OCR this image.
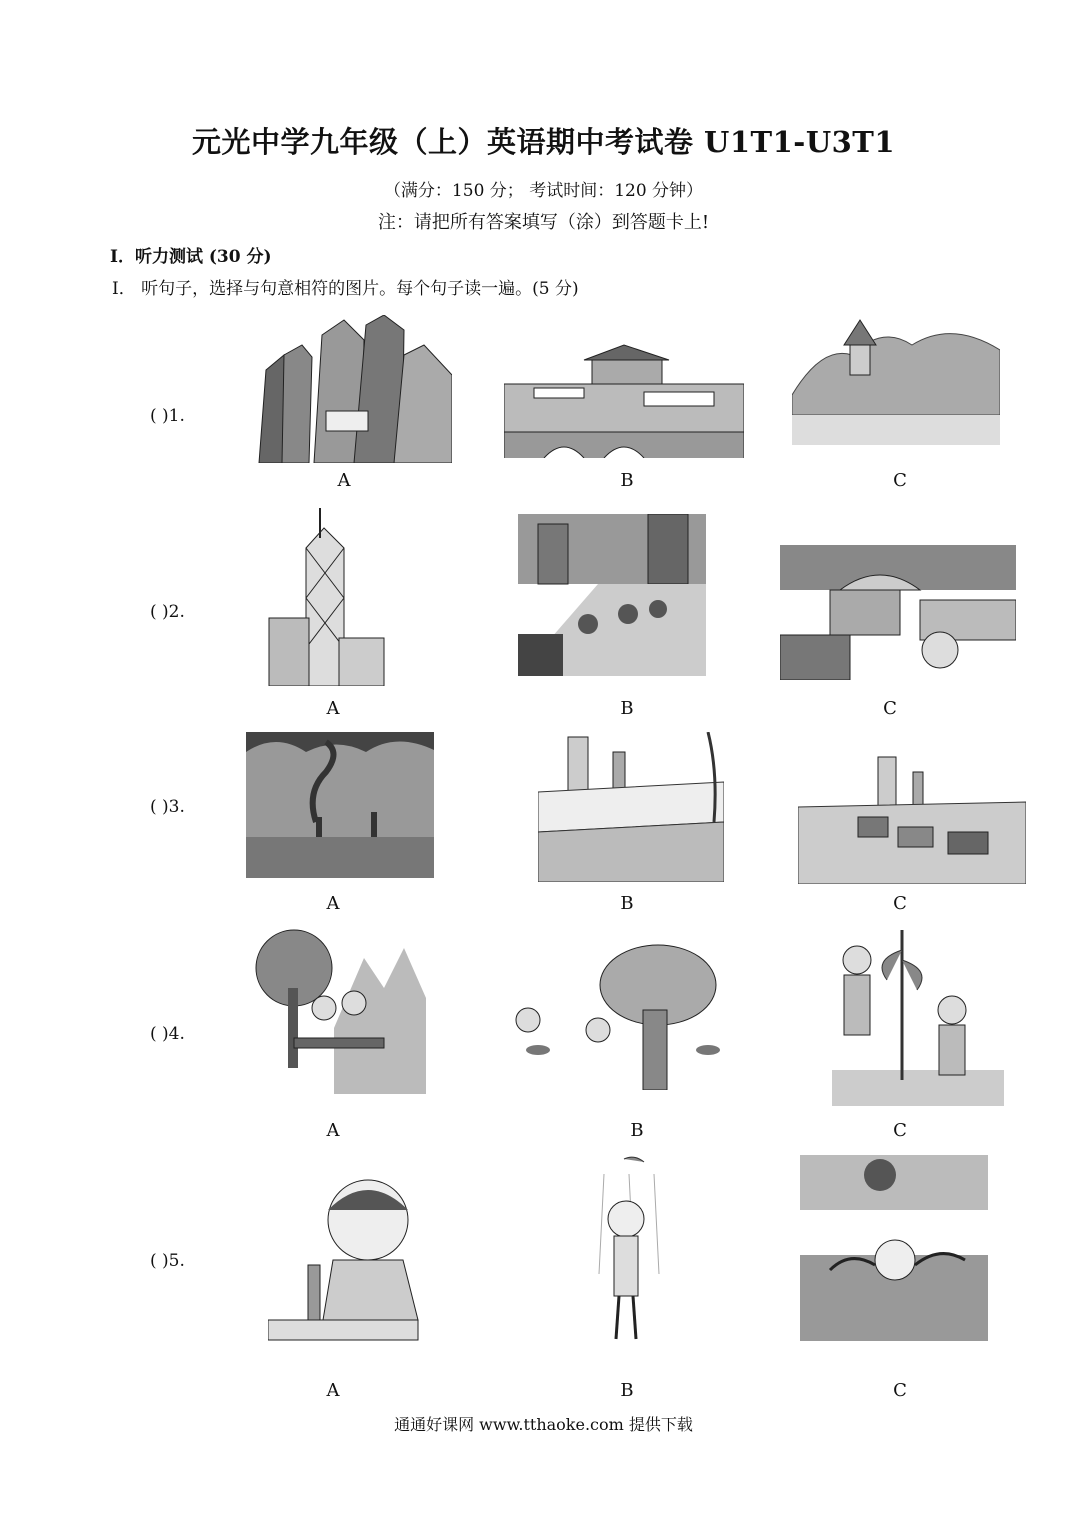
元光中学九年级（上）英语期中考试卷 U1T1-U3T1
（满分：150 分； 考试时间：120 分钟）
注：请把所有答案填写（涂）到答题卡上!
I．听力测试 (30 分)
Ⅰ． 听句子，选择与句意相符的图片。每个句子读一遍。(5 分)
( )1.
A	B	C
( )2.
A	B	C
( )3.
A	B	C
( )4.
A	B	C
( )5.
A	B	C
通通好课网 www.tthaoke.com 提供下载
